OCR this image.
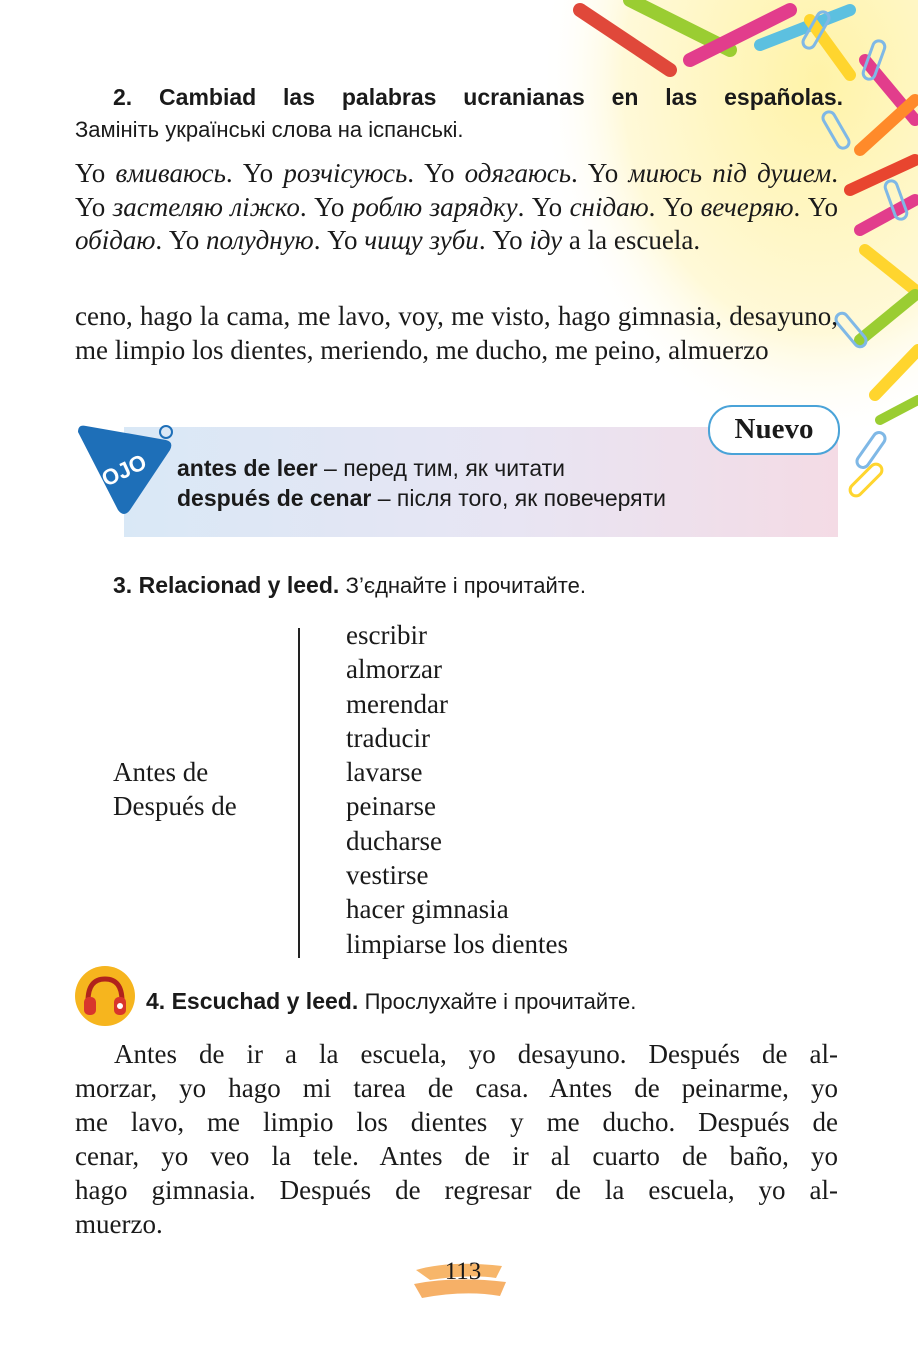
2. Cambiad las palabras ucranianas en las españolas.
Замініть українські слова на іспанські.
Yo вмиваюсь. Yo розчісуюсь. Yo одягаюсь. Yo миюсь під душем. Yo застеляю ліжко. Yo роблю зарядку. Yo снідаю. Yo вечеряю. Yo обідаю. Yo полудную. Yo чищу зуби. Yo іду a la escuela.
ceno, hago la cama, me lavo, voy, me visto, hago gimnasia, desayuno, me limpio los dientes, meriendo, me ducho, me peino, almuerzo
OJO
Nuevo
antes de leer – перед тим, як читати
después de cenar – після того, як повечеряти
3. Relacionad y leed. З’єднайте і прочитайте.
Antes de
Después de
escribir
almorzar
merendar
traducir
lavarse
peinarse
ducharse
vestirse
hacer gimnasia
limpiarse los dientes
4. Escuchad y leed. Прослухайте і прочитайте.
Antes de ir a la escuela, yo desayuno. Después de al-
morzar, yo hago mi tarea de casa. Antes de peinarme, yo
me lavo, me limpio los dientes y me ducho. Después de
cenar, yo veo la tele. Antes de ir al cuarto de baño, yo
hago gimnasia. Después de regresar de la escuela, yo al-
muerzo.
113
